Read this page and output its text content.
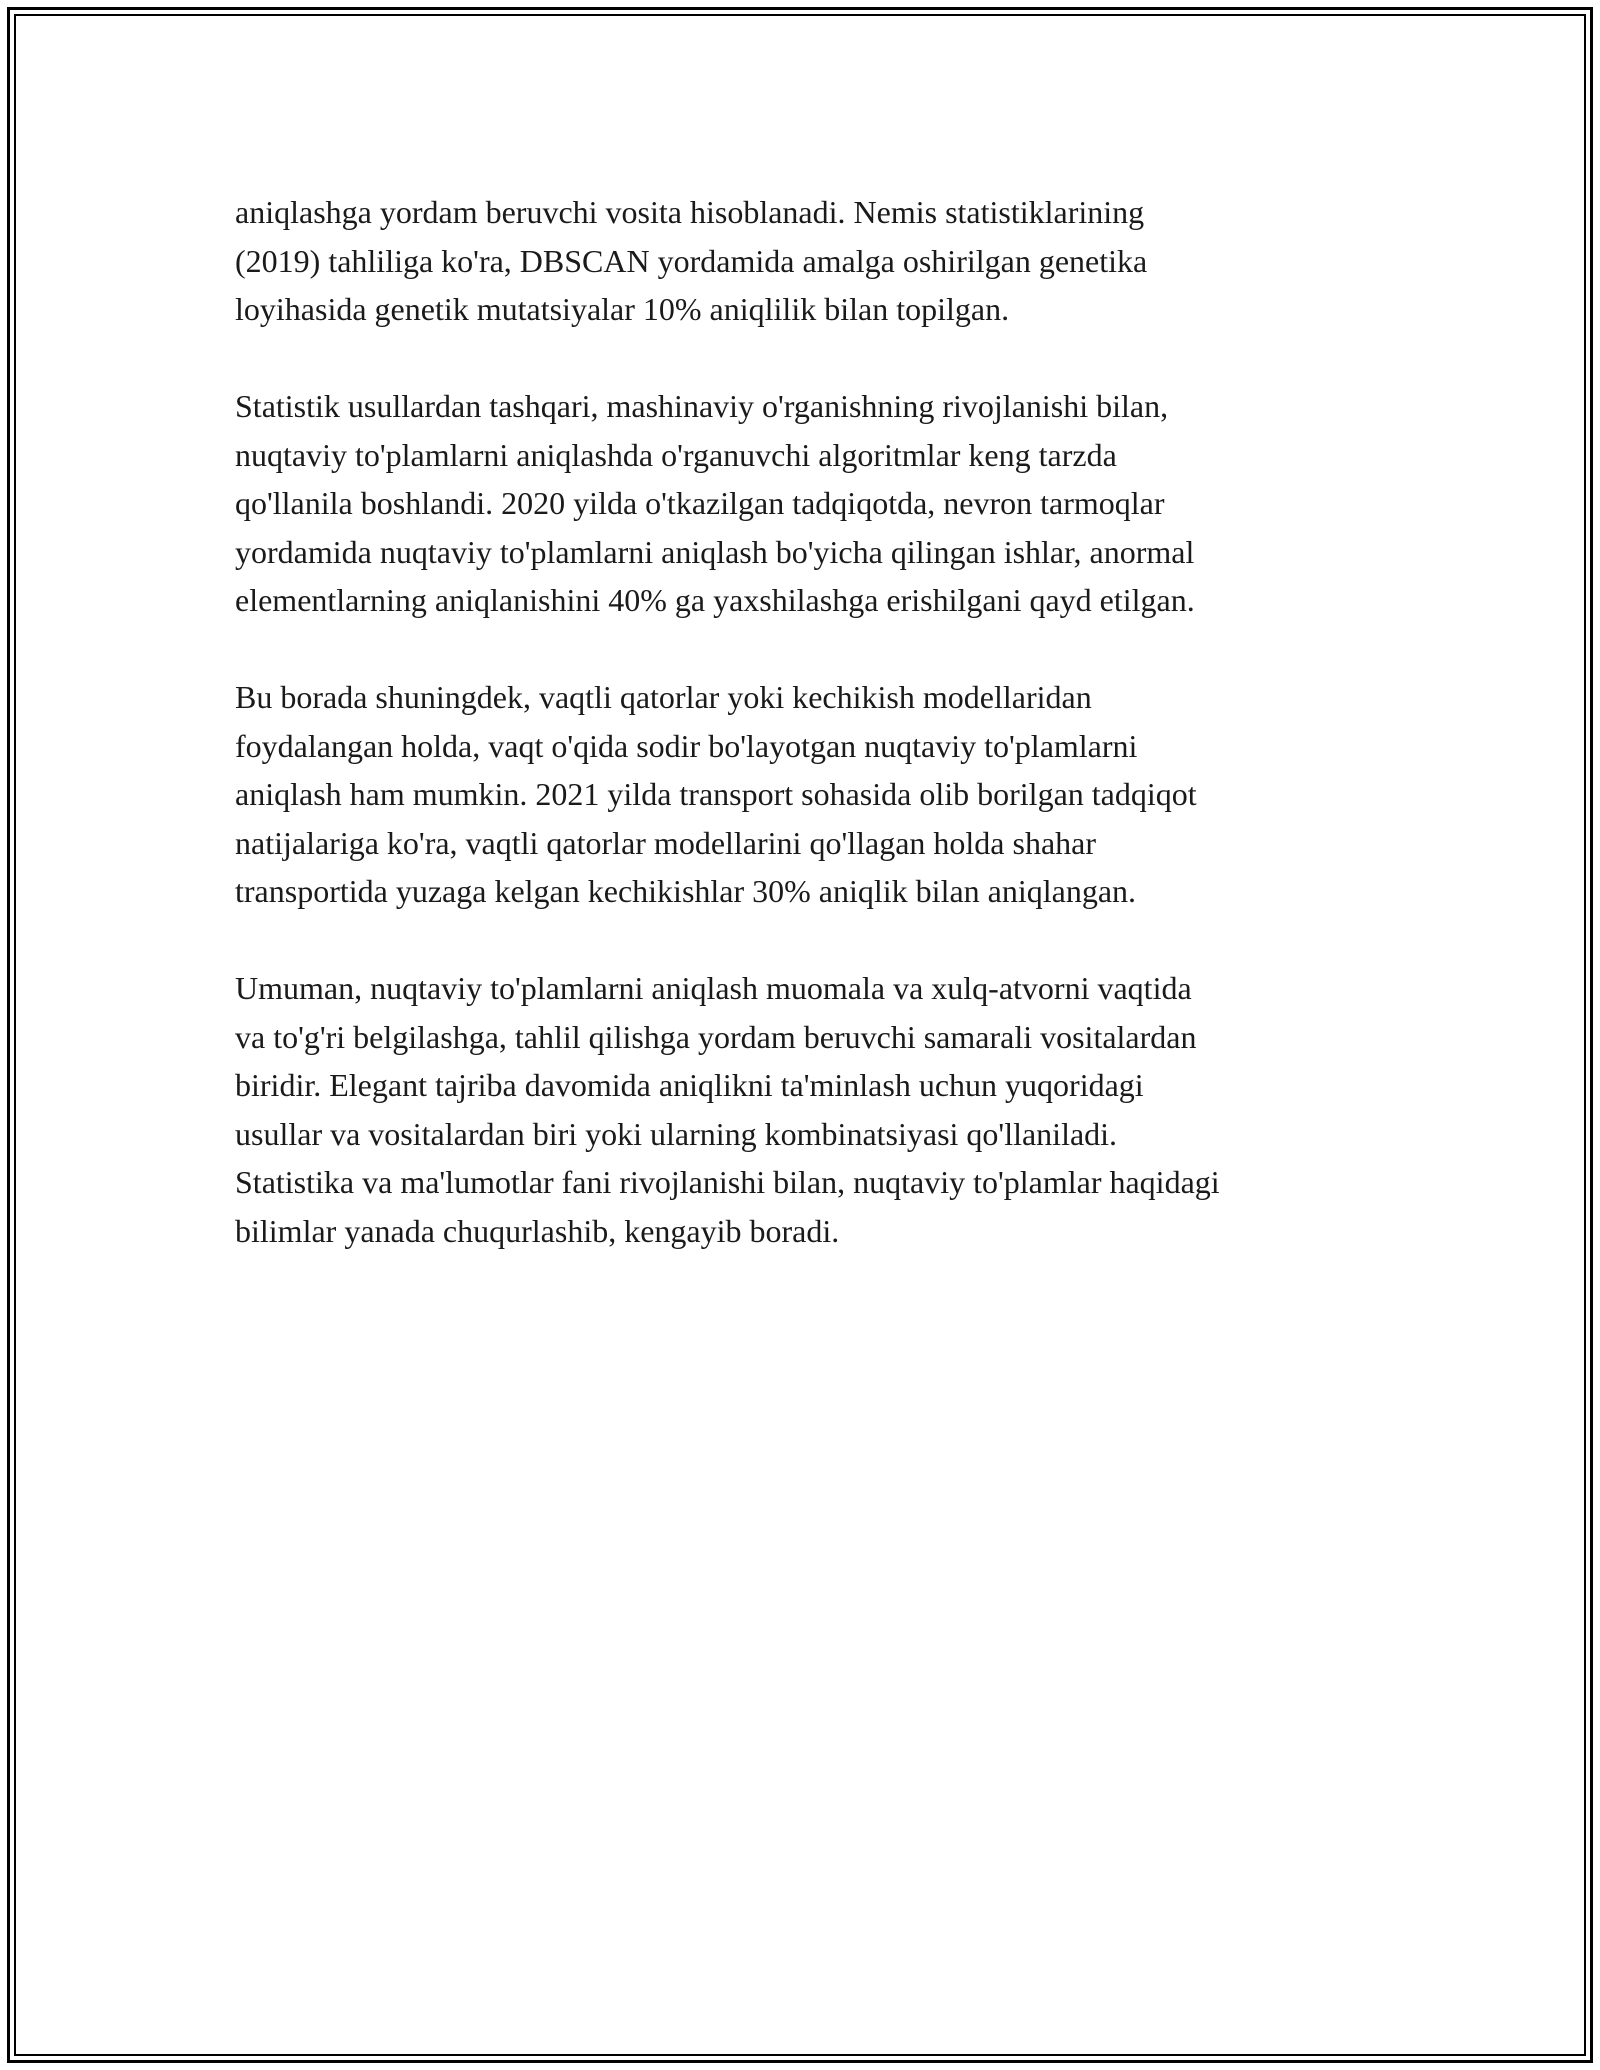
aniqlashga yordam beruvchi vosita hisoblanadi. Nemis statistiklarining
(2019) tahliliga ko'ra, DBSCAN yordamida amalga oshirilgan genetika
loyihasida genetik mutatsiyalar 10% aniqlilik bilan topilgan.

Statistik usullardan tashqari, mashinaviy o'rganishning rivojlanishi bilan,
nuqtaviy to'plamlarni aniqlashda o'rganuvchi algoritmlar keng tarzda
qo'llanila boshlandi. 2020 yilda o'tkazilgan tadqiqotda, nevron tarmoqlar
yordamida nuqtaviy to'plamlarni aniqlash bo'yicha qilingan ishlar, anormal
elementlarning aniqlanishini 40% ga yaxshilashga erishilgani qayd etilgan.

Bu borada shuningdek, vaqtli qatorlar yoki kechikish modellaridan
foydalangan holda, vaqt o'qida sodir bo'layotgan nuqtaviy to'plamlarni
aniqlash ham mumkin. 2021 yilda transport sohasida olib borilgan tadqiqot
natijalariga ko'ra, vaqtli qatorlar modellarini qo'llagan holda shahar
transportida yuzaga kelgan kechikishlar 30% aniqlik bilan aniqlangan.

Umuman, nuqtaviy to'plamlarni aniqlash muomala va xulq-atvorni vaqtida
va to'g'ri belgilashga, tahlil qilishga yordam beruvchi samarali vositalardan
biridir. Elegant tajriba davomida aniqlikni ta'minlash uchun yuqoridagi
usullar va vositalardan biri yoki ularning kombinatsiyasi qo'llaniladi.
Statistika va ma'lumotlar fani rivojlanishi bilan, nuqtaviy to'plamlar haqidagi
bilimlar yanada chuqurlashib, kengayib boradi.
